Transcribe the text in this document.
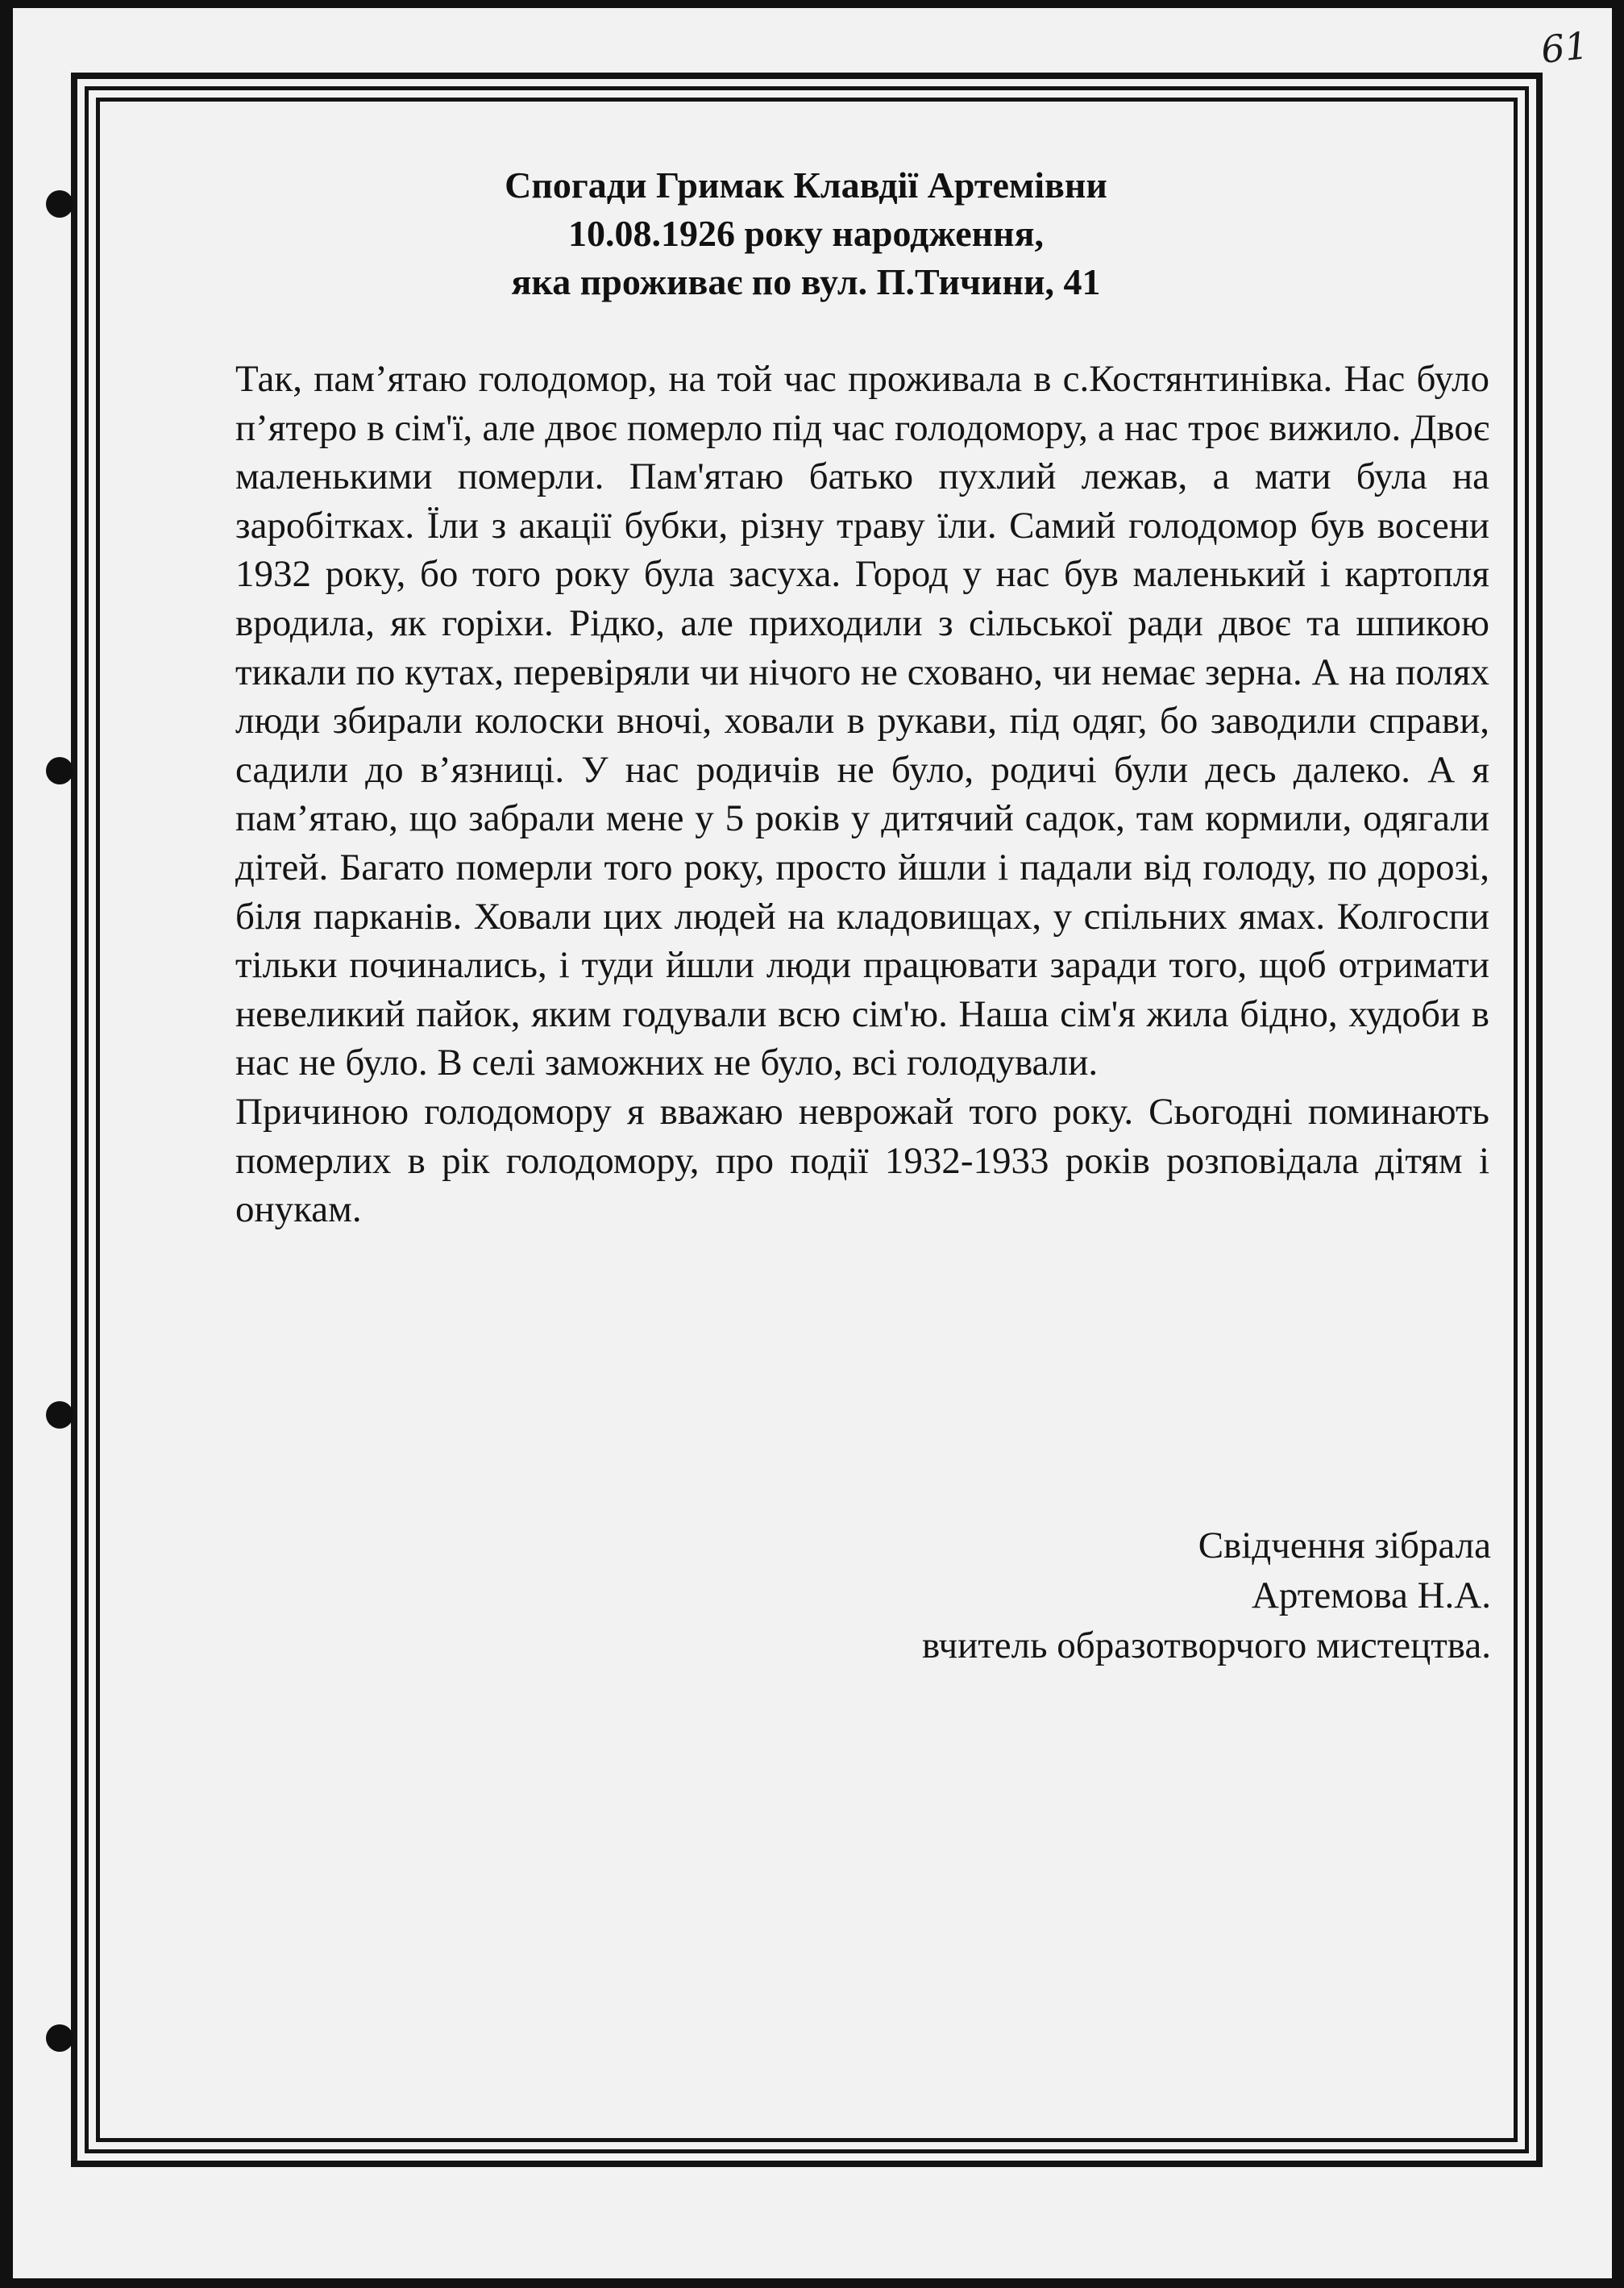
61
Спогади Гримак Клавдії Артемівни
10.08.1926 року народження,
яка проживає по вул. П.Тичини, 41

Так, пам’ятаю голодомор, на той час проживала в с.Костянтинівка. Нас було п’ятеро в сім'ї, але двоє померло під час голодомору, а нас троє вижило. Двоє маленькими померли. Пам'ятаю батько пухлий лежав, а мати була на заробітках. Їли з акації бубки, різну траву їли. Самий голодомор був восени 1932 року, бо того року була засуха. Город у нас був маленький і картопля вродила, як горіхи. Рідко, але приходили з сільської ради двоє та шпикою тикали по кутах, перевіряли чи нічого не сховано, чи немає зерна. А на полях люди збирали колоски вночі, ховали в рукави, під одяг, бо заводили справи, садили до в’язниці. У нас родичів не було, родичі були десь далеко. А я пам’ятаю, що забрали мене у 5 років у дитячий садок, там кормили, одягали дітей. Багато померли того року, просто йшли і падали від голоду, по дорозі, біля парканів. Ховали цих людей на кладовищах, у спільних ямах. Колгоспи тільки починались, і туди йшли люди працювати заради того, щоб отримати невеликий пайок, яким годували всю сім'ю. Наша сім'я жила бідно, худоби в нас не було. В селі заможних не було, всі голодували.

Причиною голодомору я вважаю неврожай того року. Сьогодні поминають померлих в рік голодомору, про події 1932-1933 років розповідала дітям і онукам.

Свідчення зібрала
Артемова Н.А.
вчитель образотворчого мистецтва.
